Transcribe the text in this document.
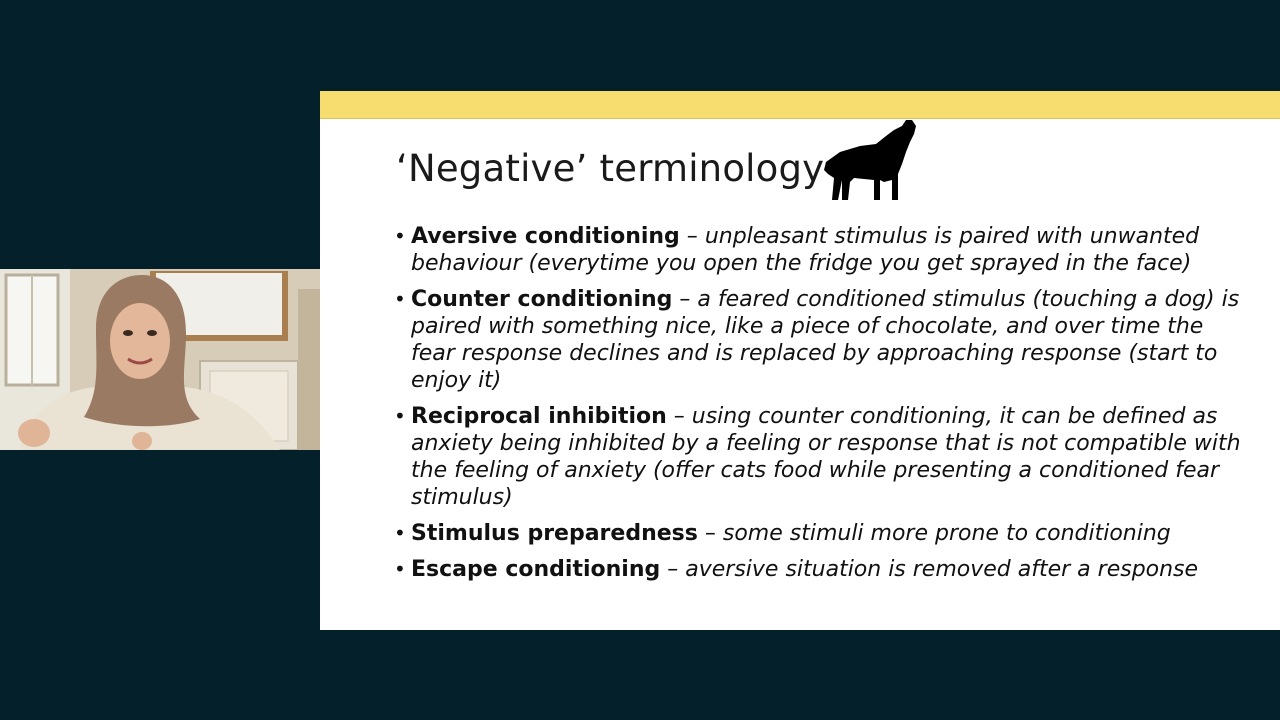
‘Negative’ terminology
• Aversive conditioning – unpleasant stimulus is paired with unwanted behaviour (everytime you open the fridge you get sprayed in the face)
• Counter conditioning – a feared conditioned stimulus (touching a dog) is paired with something nice, like a piece of chocolate, and over time the fear response declines and is replaced by approaching response (start to enjoy it)
• Reciprocal inhibition – using counter conditioning, it can be defined as anxiety being inhibited by a feeling or response that is not compatible with the feeling of anxiety (offer cats food while presenting a conditioned fear stimulus)
• Stimulus preparedness – some stimuli more prone to conditioning
• Escape conditioning – aversive situation is removed after a response
